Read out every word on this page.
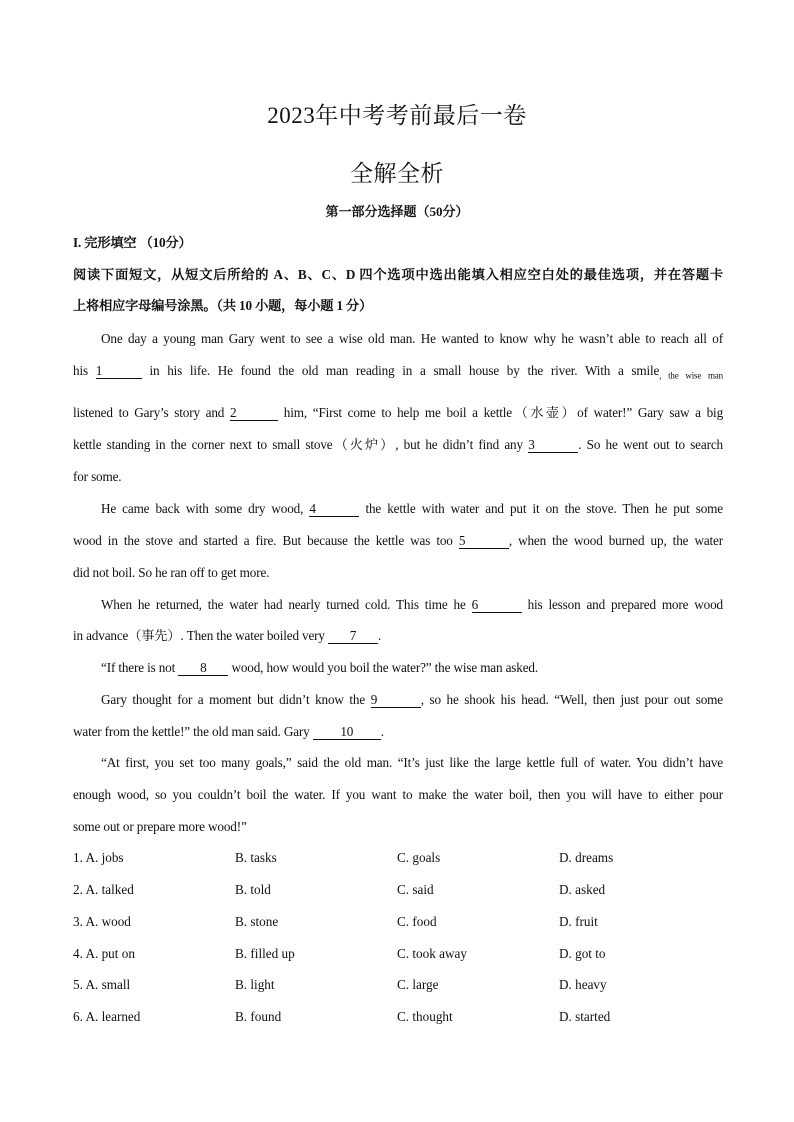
2023年中考考前最后一卷
全解全析
第一部分选择题（50分）
I. 完形填空 （10分）
阅读下面短文，从短文后所给的 A、B、C、D 四个选项中选出能填入相应空白处的最佳选项，并在答题卡
上将相应字母编号涂黑。（共 10 小题，每小题 1 分）
One day a young man Gary went to see a wise old man. He wanted to know why he wasn’t able to reach all of
his 1	in his life. He found the old man reading in a small house by the river. With a smile$_{, the wise man}$
listened to Gary’s story and 2	him, “First come to help me boil a kettle（水壶）of water!” Gary saw a big
kettle standing in the corner next to small stove（火炉）, but he didn’t find any 3	. So he went out to search
for some.
He came back with some dry wood, 4	the kettle with water and put it on the stove. Then he put some
wood in the stove and started a fire. But because the kettle was too 5	, when the wood burned up, the water
did not boil. So he ran off to get more.
When he returned, the water had nearly turned cold. This time he 6	his lesson and prepared more wood
in advance（事先）. Then the water boiled very 7 .
“If there is not 8 wood, how would you boil the water?” the wise man asked.
Gary thought for a moment but didn’t know the 9	, so he shook his head. “Well, then just pour out some
water from the kettle!” the old man said. Gary 10 .
“At first, you set too many goals,” said the old man. “It’s just like the large kettle full of water. You didn’t have
enough wood, so you couldn’t boil the water. If you want to make the water boil, then you will have to either pour
some out or prepare more wood!”
1. A. jobs	B. tasks	C. goals	D. dreams
2. A. talked	B. told	C. said	D. asked
3. A. wood	B. stone	C. food	D. fruit
4. A. put on	B. filled up	C. took away	D. got to
5. A. small	B. light	C. large	D. heavy
6. A. learned	B. found	C. thought	D. started
